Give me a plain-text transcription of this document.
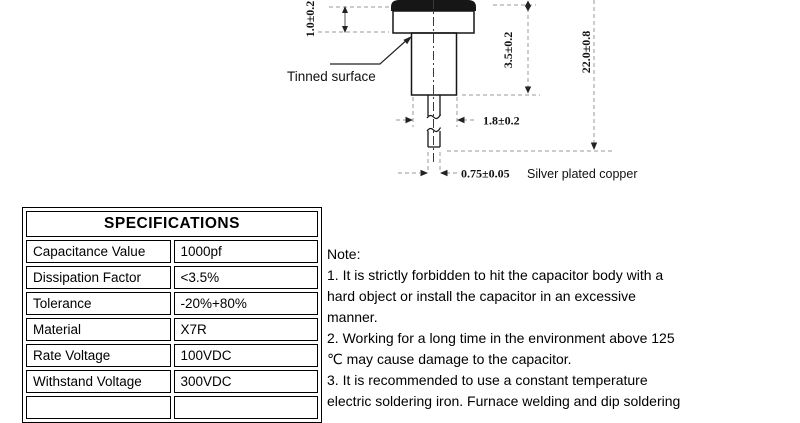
Tinned surface
1.0±0.2
3.5±0.2	22.0±0.8
1.8±0.2
0.75±0.05 Silver plated copper
SPECIFICATIONS	
Capacitance Value	1000pf
Dissipation Factor	<3.5%
Tolerance	-20%+80%
Material	X7R
Rate Voltage	100VDC
Withstand Voltage	300VDC

Note:
1. It is strictly forbidden to hit the capacitor body with a
hard object or install the capacitor in an excessive
manner.
2. Working for a long time in the environment above 125
℃ may cause damage to the capacitor.
3. It is recommended to use a constant temperature
electric soldering iron. Furnace welding and dip soldering
